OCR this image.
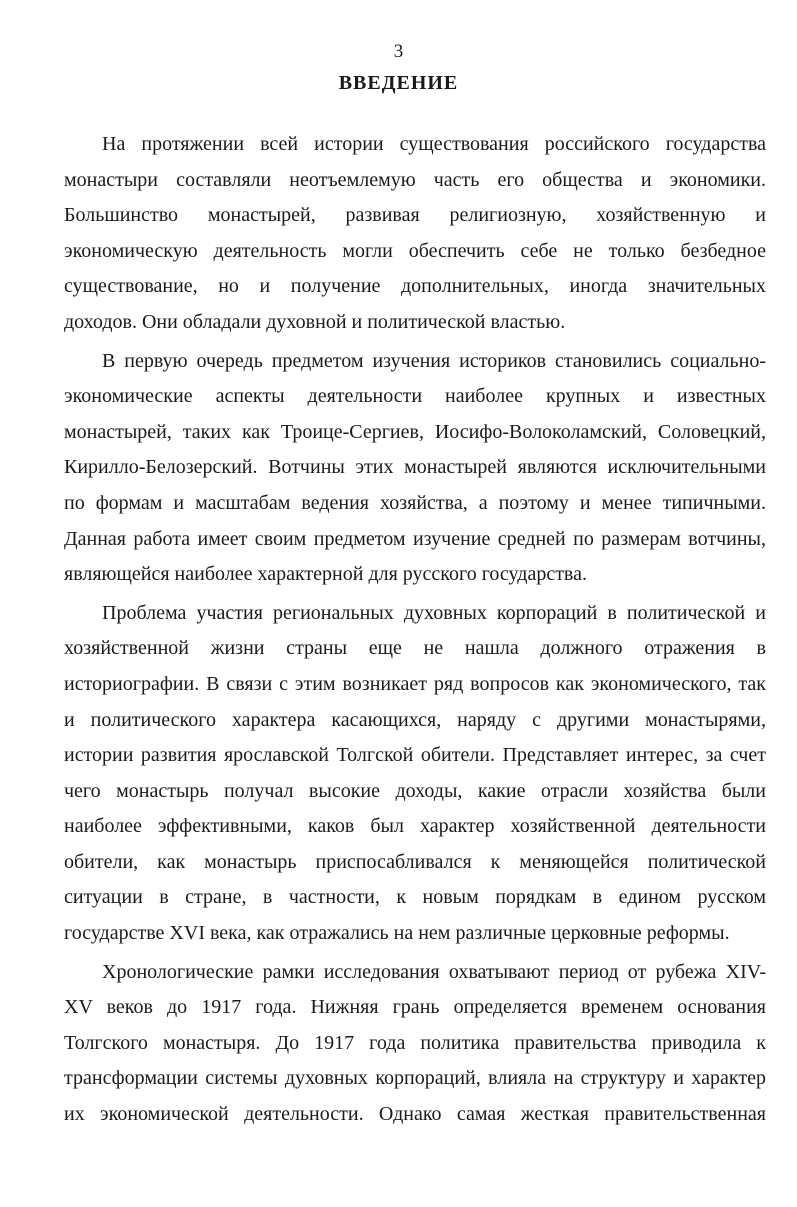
3
ВВЕДЕНИЕ
На протяжении всей истории существования российского государства
монастыри составляли неотъемлемую часть его общества и экономики.
Большинство монастырей, развивая религиозную, хозяйственную и
экономическую деятельность могли обеспечить себе не только безбедное
существование, но и получение дополнительных, иногда значительных
доходов. Они обладали духовной и политической властью.
В первую очередь предметом изучения историков становились социально-
экономические аспекты деятельности наиболее крупных и известных
монастырей, таких как Троице-Сергиев, Иосифо-Волоколамский, Соловецкий,
Кирилло-Белозерский. Вотчины этих монастырей являются исключительными
по формам и масштабам ведения хозяйства, а поэтому и менее типичными.
Данная работа имеет своим предметом изучение средней по размерам вотчины,
являющейся наиболее характерной для русского государства.
Проблема участия региональных духовных корпораций в политической и
хозяйственной жизни страны еще не нашла должного отражения в
историографии. В связи с этим возникает ряд вопросов как экономического, так
и политического характера касающихся, наряду с другими монастырями,
истории развития ярославской Толгской обители. Представляет интерес, за счет
чего монастырь получал высокие доходы, какие отрасли хозяйства были
наиболее эффективными, каков был характер хозяйственной деятельности
обители, как монастырь приспосабливался к меняющейся политической
ситуации в стране, в частности, к новым порядкам в едином русском
государстве XVI века, как отражались на нем различные церковные реформы.
Хронологические рамки исследования охватывают период от рубежа XIV-
XV веков до 1917 года. Нижняя грань определяется временем основания
Толгского монастыря. До 1917 года политика правительства приводила к
трансформации системы духовных корпораций, влияла на структуру и характер
их экономической деятельности. Однако самая жесткая правительственная
